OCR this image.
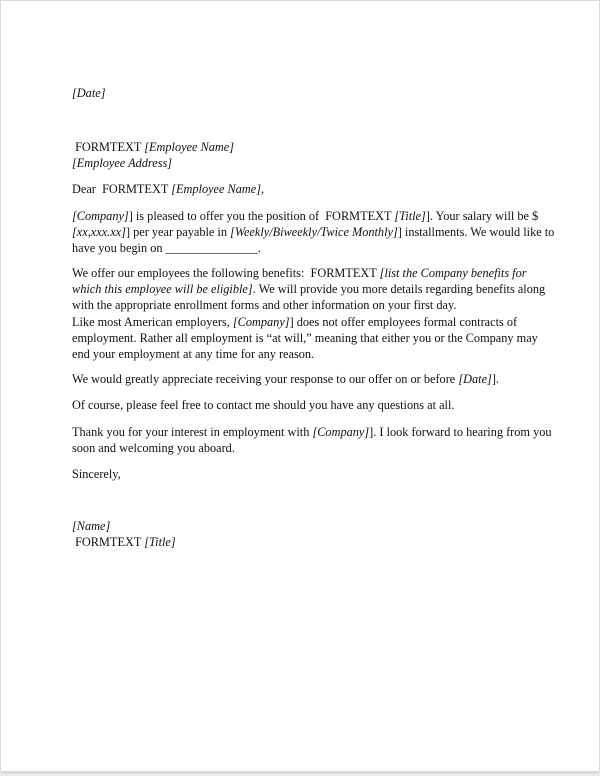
[Date]
FORMTEXT [Employee Name]
[Employee Address]
Dear FORMTEXT [Employee Name],
[Company]] is pleased to offer you the position of FORMTEXT [Title]]. Your salary will be $
[xx,xxx.xx]] per year payable in [Weekly/Biweekly/Twice Monthly]] installments. We would like to
have you begin on _______________.
We offer our employees the following benefits: FORMTEXT [list the Company benefits for
which this employee will be eligible]. We will provide you more details regarding benefits along
with the appropriate enrollment forms and other information on your first day.
Like most American employers, [Company]] does not offer employees formal contracts of
employment. Rather all employment is “at will,” meaning that either you or the Company may
end your employment at any time for any reason.
We would greatly appreciate receiving your response to our offer on or before [Date]].
Of course, please feel free to contact me should you have any questions at all.
Thank you for your interest in employment with [Company]]. I look forward to hearing from you
soon and welcoming you aboard.
Sincerely,
[Name]
FORMTEXT [Title]
